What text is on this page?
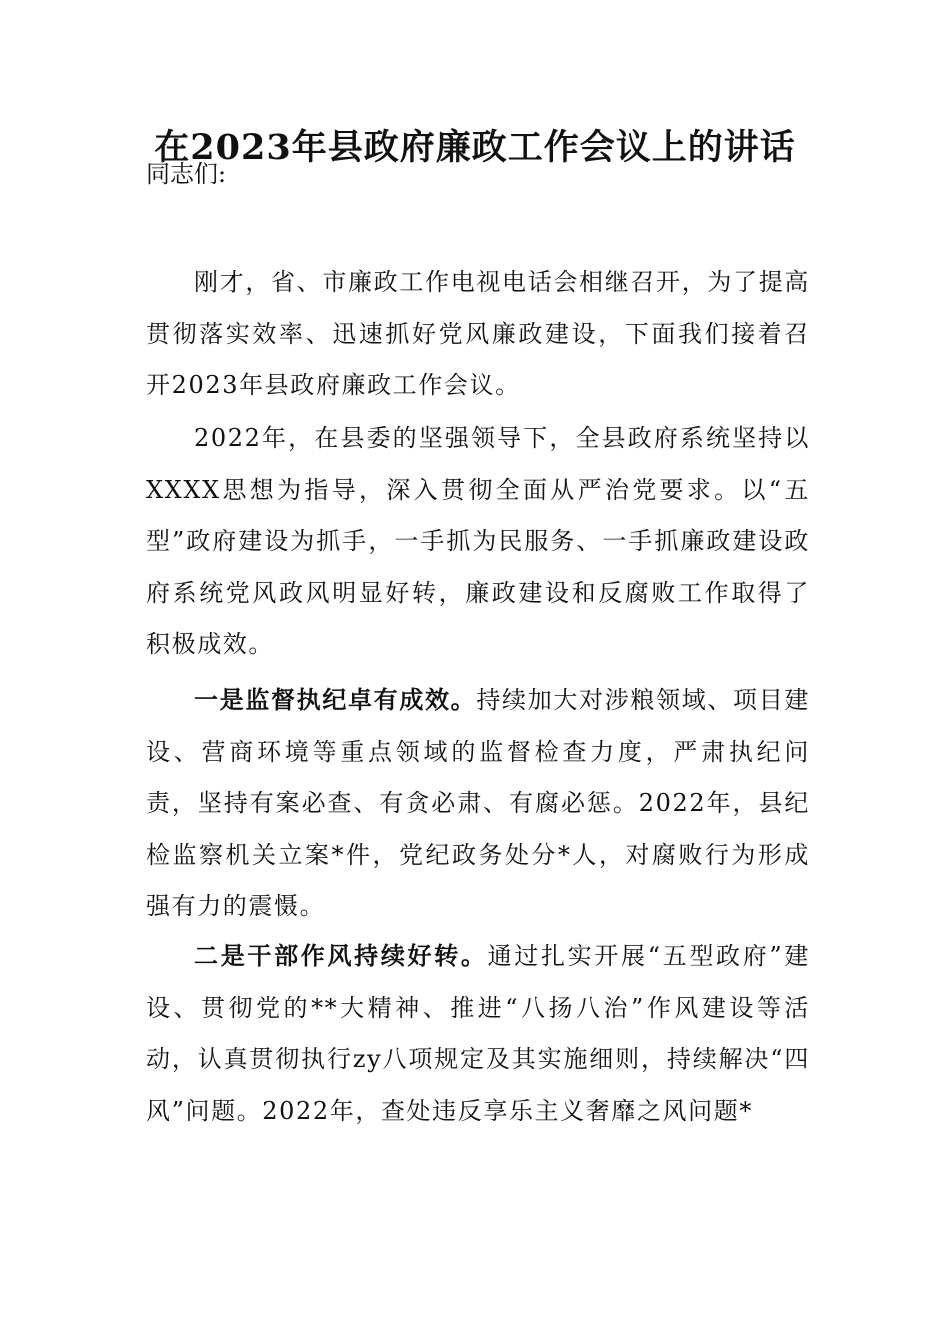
在2023年县政府廉政工作会议上的讲话
同志们:

刚才，省、市廉政工作电视电话会相继召开，为了提高贯彻落实效率、迅速抓好党风廉政建设，下面我们接着召开2023年县政府廉政工作会议。

2022年，在县委的坚强领导下，全县政府系统坚持以XXXX思想为指导，深入贯彻全面从严治党要求。以“五型”政府建设为抓手，一手抓为民服务、一手抓廉政建设政府系统党风政风明显好转，廉政建设和反腐败工作取得了积极成效。

一是监督执纪卓有成效。持续加大对涉粮领域、项目建设、营商环境等重点领域的监督检查力度，严肃执纪问责，坚持有案必查、有贪必肃、有腐必惩。2022年，县纪检监察机关立案*件，党纪政务处分*人，对腐败行为形成强有力的震慑。

二是干部作风持续好转。通过扎实开展“五型政府”建设、贯彻党的**大精神、推进“八扬八治”作风建设等活动，认真贯彻执行zy八项规定及其实施细则，持续解决“四风”问题。2022年，查处违反享乐主义奢靡之风问题*
